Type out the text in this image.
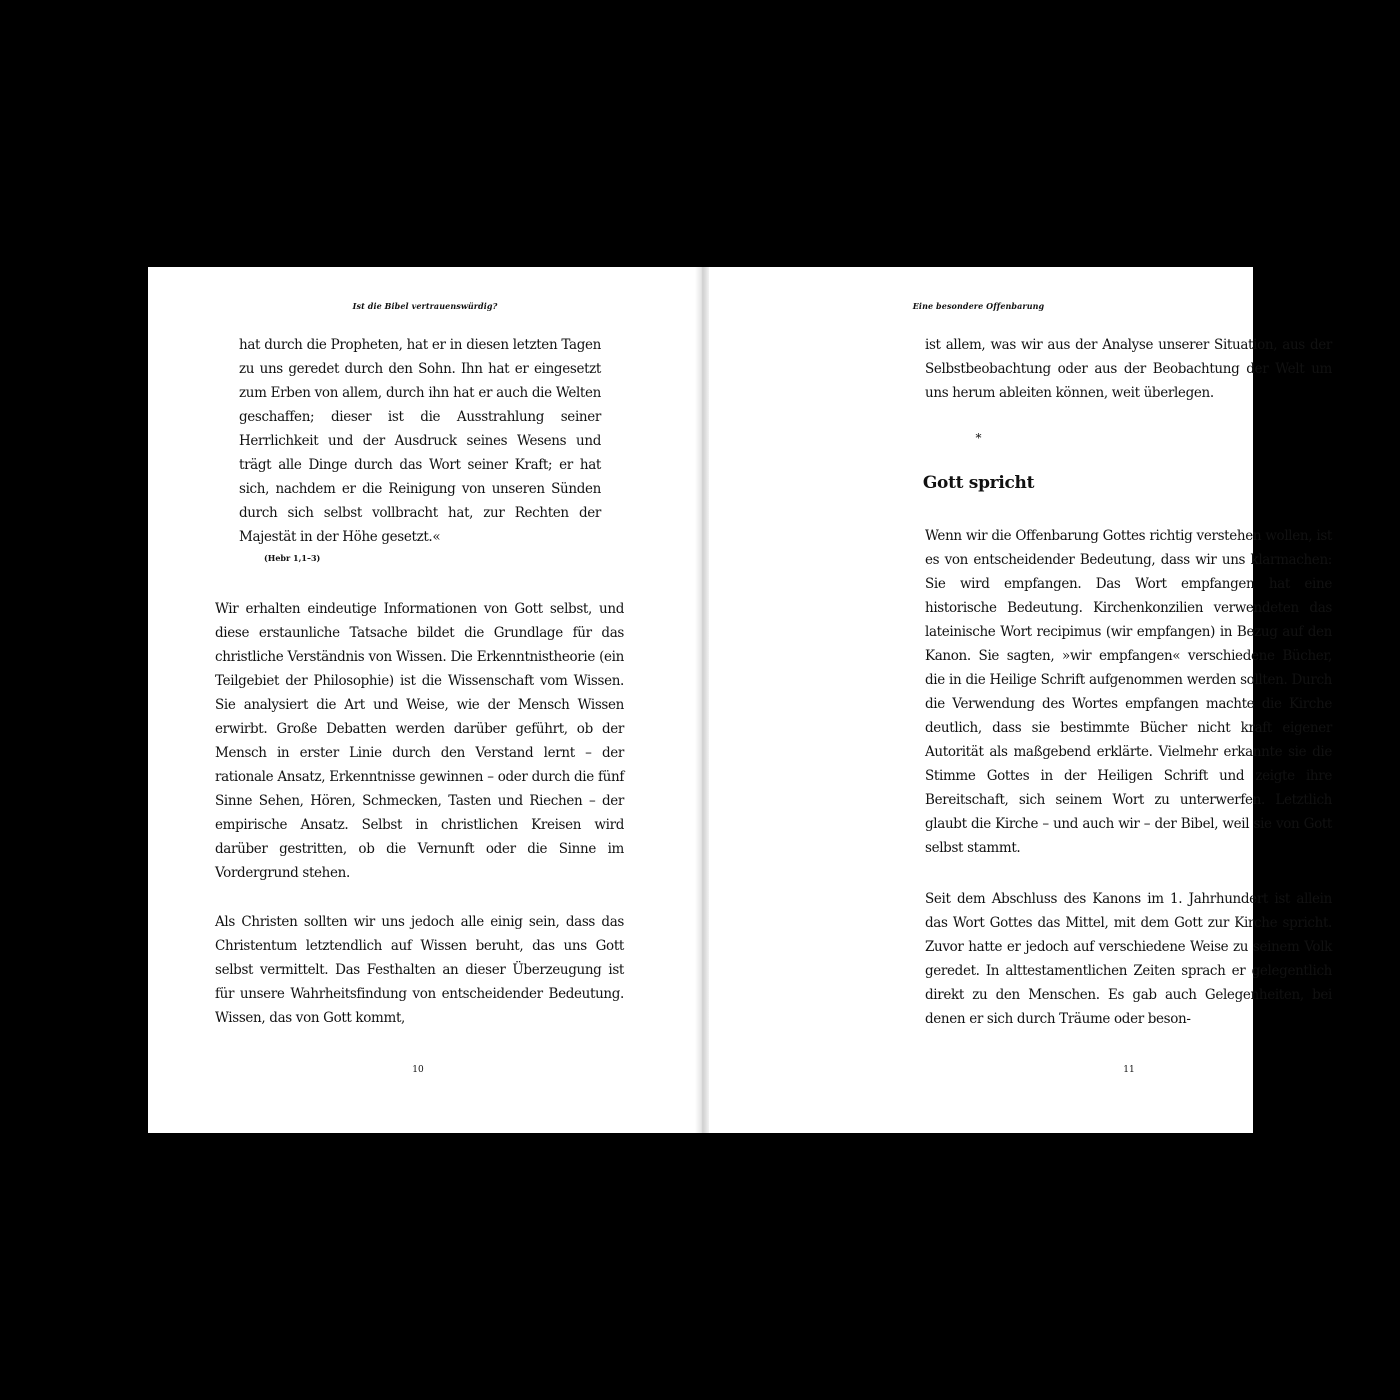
Ist die Bibel vertrauenswürdig?

hat durch die Propheten, hat er in diesen letzten Tagen zu uns geredet durch den Sohn. Ihn hat er eingesetzt zum Erben von allem, durch ihn hat er auch die Welten geschaffen; dieser ist die Ausstrahlung seiner Herrlichkeit und der Ausdruck seines Wesens und trägt alle Dinge durch das Wort seiner Kraft; er hat sich, nachdem er die Reinigung von unseren Sünden durch sich selbst vollbracht hat, zur Rechten der Majestät in der Höhe gesetzt.«

(Hebr 1,1–3)

Wir erhalten eindeutige Informationen von Gott selbst, und diese erstaunliche Tatsache bildet die Grundlage für das christliche Verständnis von Wissen. Die Erkenntnistheorie (ein Teilgebiet der Philosophie) ist die Wissenschaft vom Wissen. Sie analysiert die Art und Weise, wie der Mensch Wissen erwirbt. Große Debatten werden darüber geführt, ob der Mensch in erster Linie durch den Verstand lernt – der rationale Ansatz, Erkenntnisse gewinnen – oder durch die fünf Sinne Sehen, Hören, Schmecken, Tasten und Riechen – der empirische Ansatz. Selbst in christlichen Kreisen wird darüber gestritten, ob die Vernunft oder die Sinne im Vordergrund stehen.

Als Christen sollten wir uns jedoch alle einig sein, dass das Christentum letztendlich auf Wissen beruht, das uns Gott selbst vermittelt. Das Festhalten an dieser Überzeugung ist für unsere Wahrheitsfindung von entscheidender Bedeutung. Wissen, das von Gott kommt,

10
Eine besondere Offenbarung

ist allem, was wir aus der Analyse unserer Situation, aus der Selbstbeobachtung oder aus der Beobachtung der Welt um uns herum ableiten können, weit überlegen.

*
Gott spricht

Wenn wir die Offenbarung Gottes richtig verstehen wollen, ist es von entscheidender Bedeutung, dass wir uns klarmachen: Sie wird empfangen. Das Wort empfangen hat eine historische Bedeutung. Kirchenkonzilien verwendeten das lateinische Wort recipimus (wir empfangen) in Bezug auf den Kanon. Sie sagten, »wir empfangen« verschiedene Bücher, die in die Heilige Schrift aufgenommen werden sollten. Durch die Verwendung des Wortes empfangen machte die Kirche deutlich, dass sie bestimmte Bücher nicht kraft eigener Autorität als maßgebend erklärte. Vielmehr erkannte sie die Stimme Gottes in der Heiligen Schrift und zeigte ihre Bereitschaft, sich seinem Wort zu unterwerfen. Letztlich glaubt die Kirche – und auch wir – der Bibel, weil sie von Gott selbst stammt.

Seit dem Abschluss des Kanons im 1. Jahrhundert ist allein das Wort Gottes das Mittel, mit dem Gott zur Kirche spricht. Zuvor hatte er jedoch auf verschiedene Weise zu seinem Volk geredet. In alttestamentlichen Zeiten sprach er gelegentlich direkt zu den Menschen. Es gab auch Gelegenheiten, bei denen er sich durch Träume oder beson-

11
